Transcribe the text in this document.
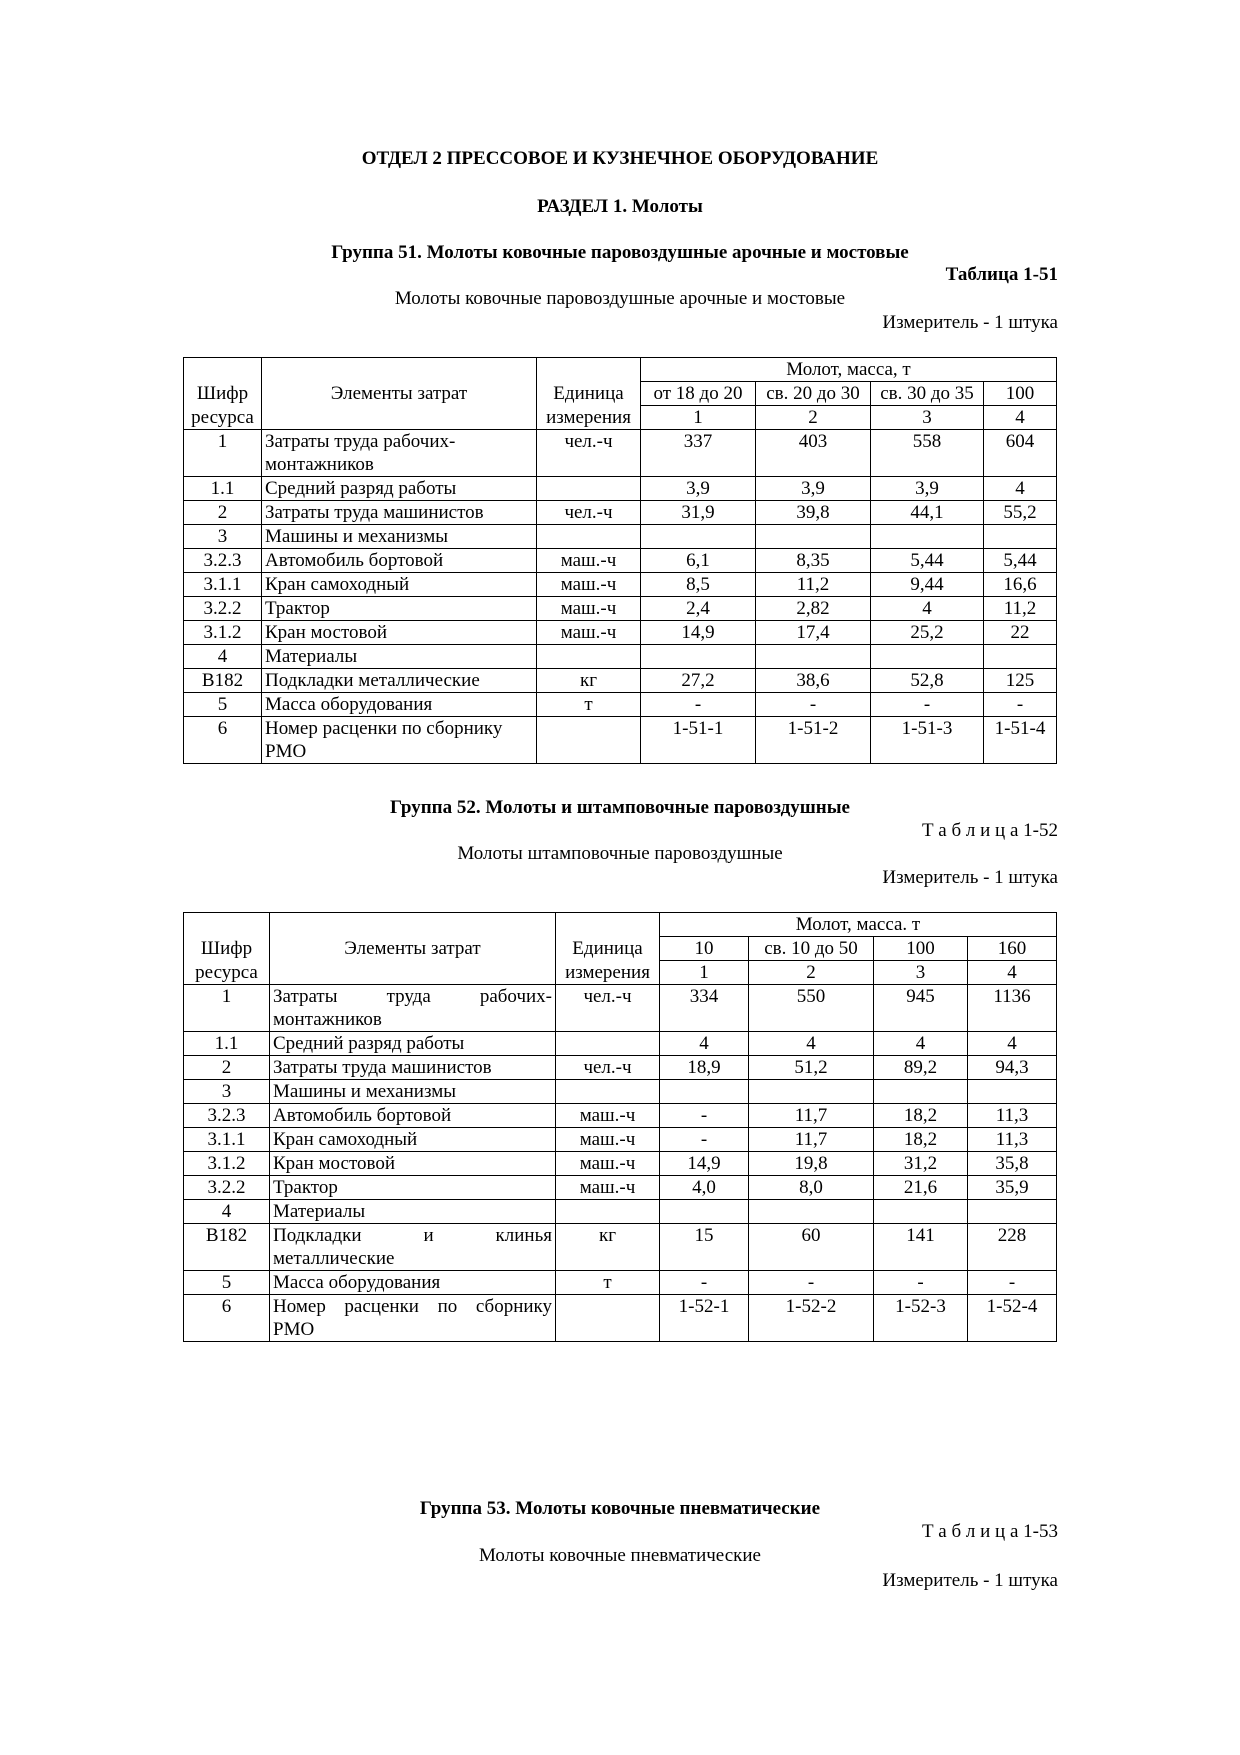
ОТДЕЛ 2 ПРЕССОВОЕ И КУЗНЕЧНОЕ ОБОРУДОВАНИЕ
РАЗДЕЛ 1. Молоты
Группа 51. Молоты ковочные паровоздушные арочные и мостовые
Таблица 1-51
Молоты ковочные паровоздушные арочные и мостовые
Измеритель - 1 штука
			Молот, масса, т			
Шифр	Элементы затрат	Единица	от 18 до 20	св. 20 до 30	св. 30 до 35	100
ресурса		измерения	1	2	3	4
1	Затраты труда рабочих-монтажников	чел.-ч	337	403	558	604
1.1	Средний разряд работы		3,9	3,9	3,9	4
2	Затраты труда машинистов	чел.-ч	31,9	39,8	44,1	55,2
3	Машины и механизмы					
3.2.3	Автомобиль бортовой	маш.-ч	6,1	8,35	5,44	5,44
3.1.1	Кран самоходный	маш.-ч	8,5	11,2	9,44	16,6
3.2.2	Трактор	маш.-ч	2,4	2,82	4	11,2
3.1.2	Кран мостовой	маш.-ч	14,9	17,4	25,2	22
4	Материалы					
В182	Подкладки металлические	кг	27,2	38,6	52,8	125
5	Масса оборудования	т	-	-	-	-
6	Номер расценки по сборнику РМО		1-51-1	1-51-2	1-51-3	1-51-4
Группа 52. Молоты и штамповочные паровоздушные
Т а б л и ц а 1-52
Молоты штамповочные паровоздушные
Измеритель - 1 штука
			Молот, масса. т			
Шифр	Элементы затрат	Единица	10	св. 10 до 50	100	160
ресурса		измерения	1	2	3	4
1	Затраты труда рабочих-монтажников	чел.-ч	334	550	945	1136
1.1	Средний разряд работы		4	4	4	4
2	Затраты труда машинистов	чел.-ч	18,9	51,2	89,2	94,3
3	Машины и механизмы					
3.2.3	Автомобиль бортовой	маш.-ч	-	11,7	18,2	11,3
3.1.1	Кран самоходный	маш.-ч	-	11,7	18,2	11,3
3.1.2	Кран мостовой	маш.-ч	14,9	19,8	31,2	35,8
3.2.2	Трактор	маш.-ч	4,0	8,0	21,6	35,9
4	Материалы					
В182	Подкладки и клинья металлические	кг	15	60	141	228
5	Масса оборудования	т	-	-	-	-
6	Номер расценки по сборнику РМО		1-52-1	1-52-2	1-52-3	1-52-4
Группа 53. Молоты ковочные пневматические
Т а б л и ц а 1-53
Молоты ковочные пневматические
Измеритель - 1 штука
